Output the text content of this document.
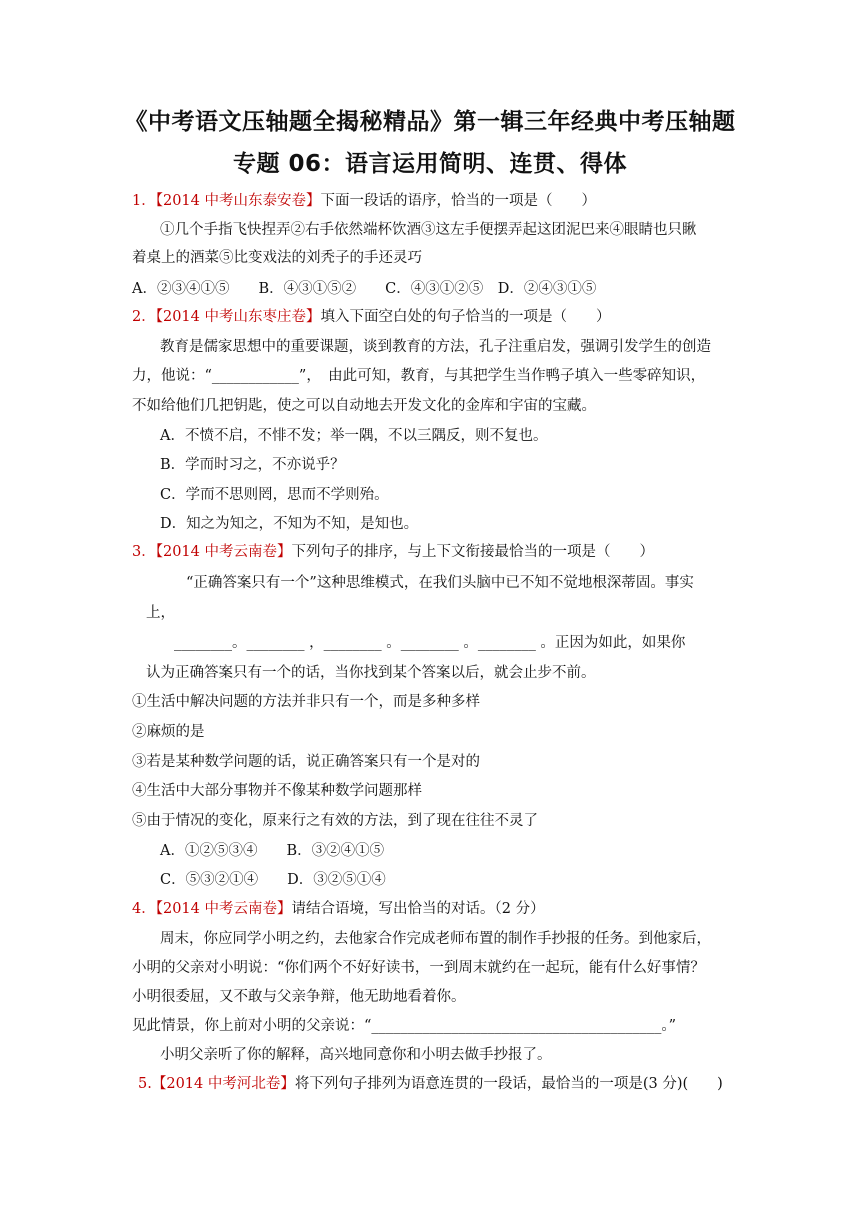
《中考语文压轴题全揭秘精品》第一辑三年经典中考压轴题
专题 06：语言运用简明、连贯、得体
1．【2014 中考山东泰安卷】下面一段话的语序，恰当的一项是（　　）
①几个手指飞快捏弄②右手依然端杯饮酒③这左手便摆弄起这团泥巴来④眼睛也只瞅
着桌上的酒菜⑤比变戏法的刘秃子的手还灵巧
A．②③④①⑤　　B．④③①⑤②　　C．④③①②⑤　D．②④③①⑤
2．【2014 中考山东枣庄卷】填入下面空白处的句子恰当的一项是（　　）
教育是儒家思想中的重要课题，谈到教育的方法，孔子注重启发，强调引发学生的创造
力，他说：“____________”，　由此可知，教育，与其把学生当作鸭子填入一些零碎知识，
不如给他们几把钥匙，使之可以自动地去开发文化的金库和宇宙的宝藏。
A．不愤不启，不悱不发；举一隅，不以三隅反，则不复也。
B．学而时习之，不亦说乎？
C．学而不思则罔，思而不学则殆。
D．知之为知之，不知为不知，是知也。
3．【2014 中考云南卷】下列句子的排序，与上下文衔接最恰当的一项是（　　）
“正确答案只有一个”这种思维模式，在我们头脑中已不知不觉地根深蒂固。事实
上，
________。________ ，________ 。________ 。________ 。正因为如此，如果你
认为正确答案只有一个的话，当你找到某个答案以后，就会止步不前。
①生活中解决问题的方法并非只有一个，而是多种多样
②麻烦的是
③若是某种数学问题的话，说正确答案只有一个是对的
④生活中大部分事物并不像某种数学问题那样
⑤由于情况的变化，原来行之有效的方法，到了现在往往不灵了
A．①②⑤③④　　B．③②④①⑤
C．⑤③②①④　　D．③②⑤①④
4．【2014 中考云南卷】请结合语境，写出恰当的对话。（2 分）
周末，你应同学小明之约，去他家合作完成老师布置的制作手抄报的任务。到他家后，
小明的父亲对小明说：“你们两个不好好读书，一到周末就约在一起玩，能有什么好事情？
小明很委屈，又不敢与父亲争辩，他无助地看着你。
见此情景，你上前对小明的父亲说：“________________________________________。”
小明父亲听了你的解释，高兴地同意你和小明去做手抄报了。
5.【2014 中考河北卷】将下列句子排列为语意连贯的一段话，最恰当的一项是(3 分)(　　)
